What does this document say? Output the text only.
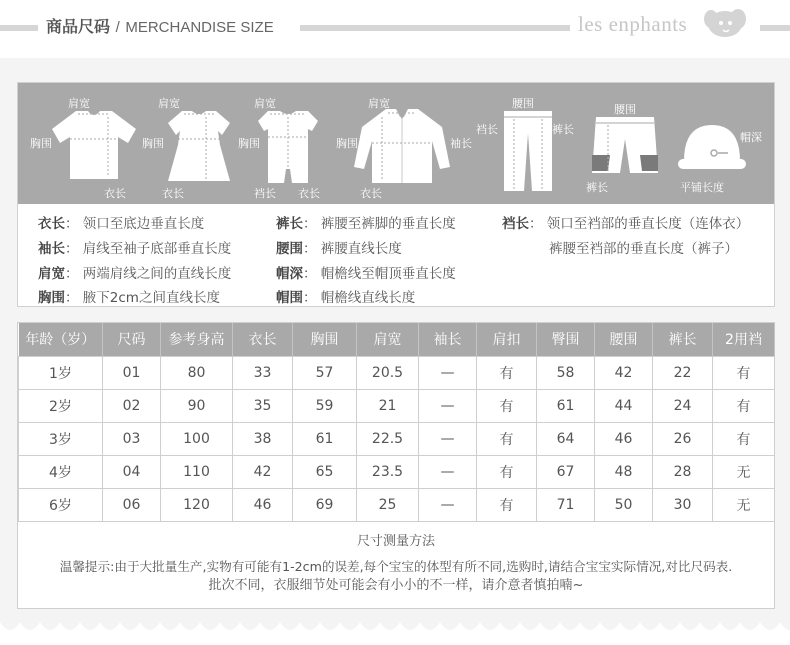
商品尺码 / MERCHANDISE SIZE	les enphants
肩宽
胸围
衣长
肩宽
胸围
衣长
肩宽
胸围
裆长 衣长
肩宽
胸围	袖长
衣长
腰围
裆长	裤长
腰围
裤长
帽深
平铺长度
衣长： 领口至底边垂直长度
袖长： 肩线至袖子底部垂直长度
肩宽： 两端肩线之间的直线长度
胸围： 腋下2cm之间直线长度
裤长： 裤腰至裤脚的垂直长度
腰围： 裤腰直线长度
帽深： 帽檐线至帽顶垂直长度
帽围： 帽檐线直线长度
裆长： 领口至裆部的垂直长度（连体衣）
裤腰至裆部的垂直长度（裤子）
年龄（岁）	尺码	参考身高	衣长	胸围	肩宽	袖长	肩扣	臀围	腰围	裤长	2用裆
1岁	01	80	33	57	20.5	—	有	58	42	22	有
2岁	02	90	35	59	21	—	有	61	44	24	有
3岁	03	100	38	61	22.5	—	有	64	46	26	有
4岁	04	110	42	65	23.5	—	有	67	48	28	无
6岁	06	120	46	69	25	—	有	71	50	30	无
尺寸测量方法
温馨提示:由于大批量生产,实物有可能有1-2cm的误差,每个宝宝的体型有所不同,选购时,请结合宝宝实际情况,对比尺码表.
批次不同，衣服细节处可能会有小小的不一样，请介意者慎拍喃~
